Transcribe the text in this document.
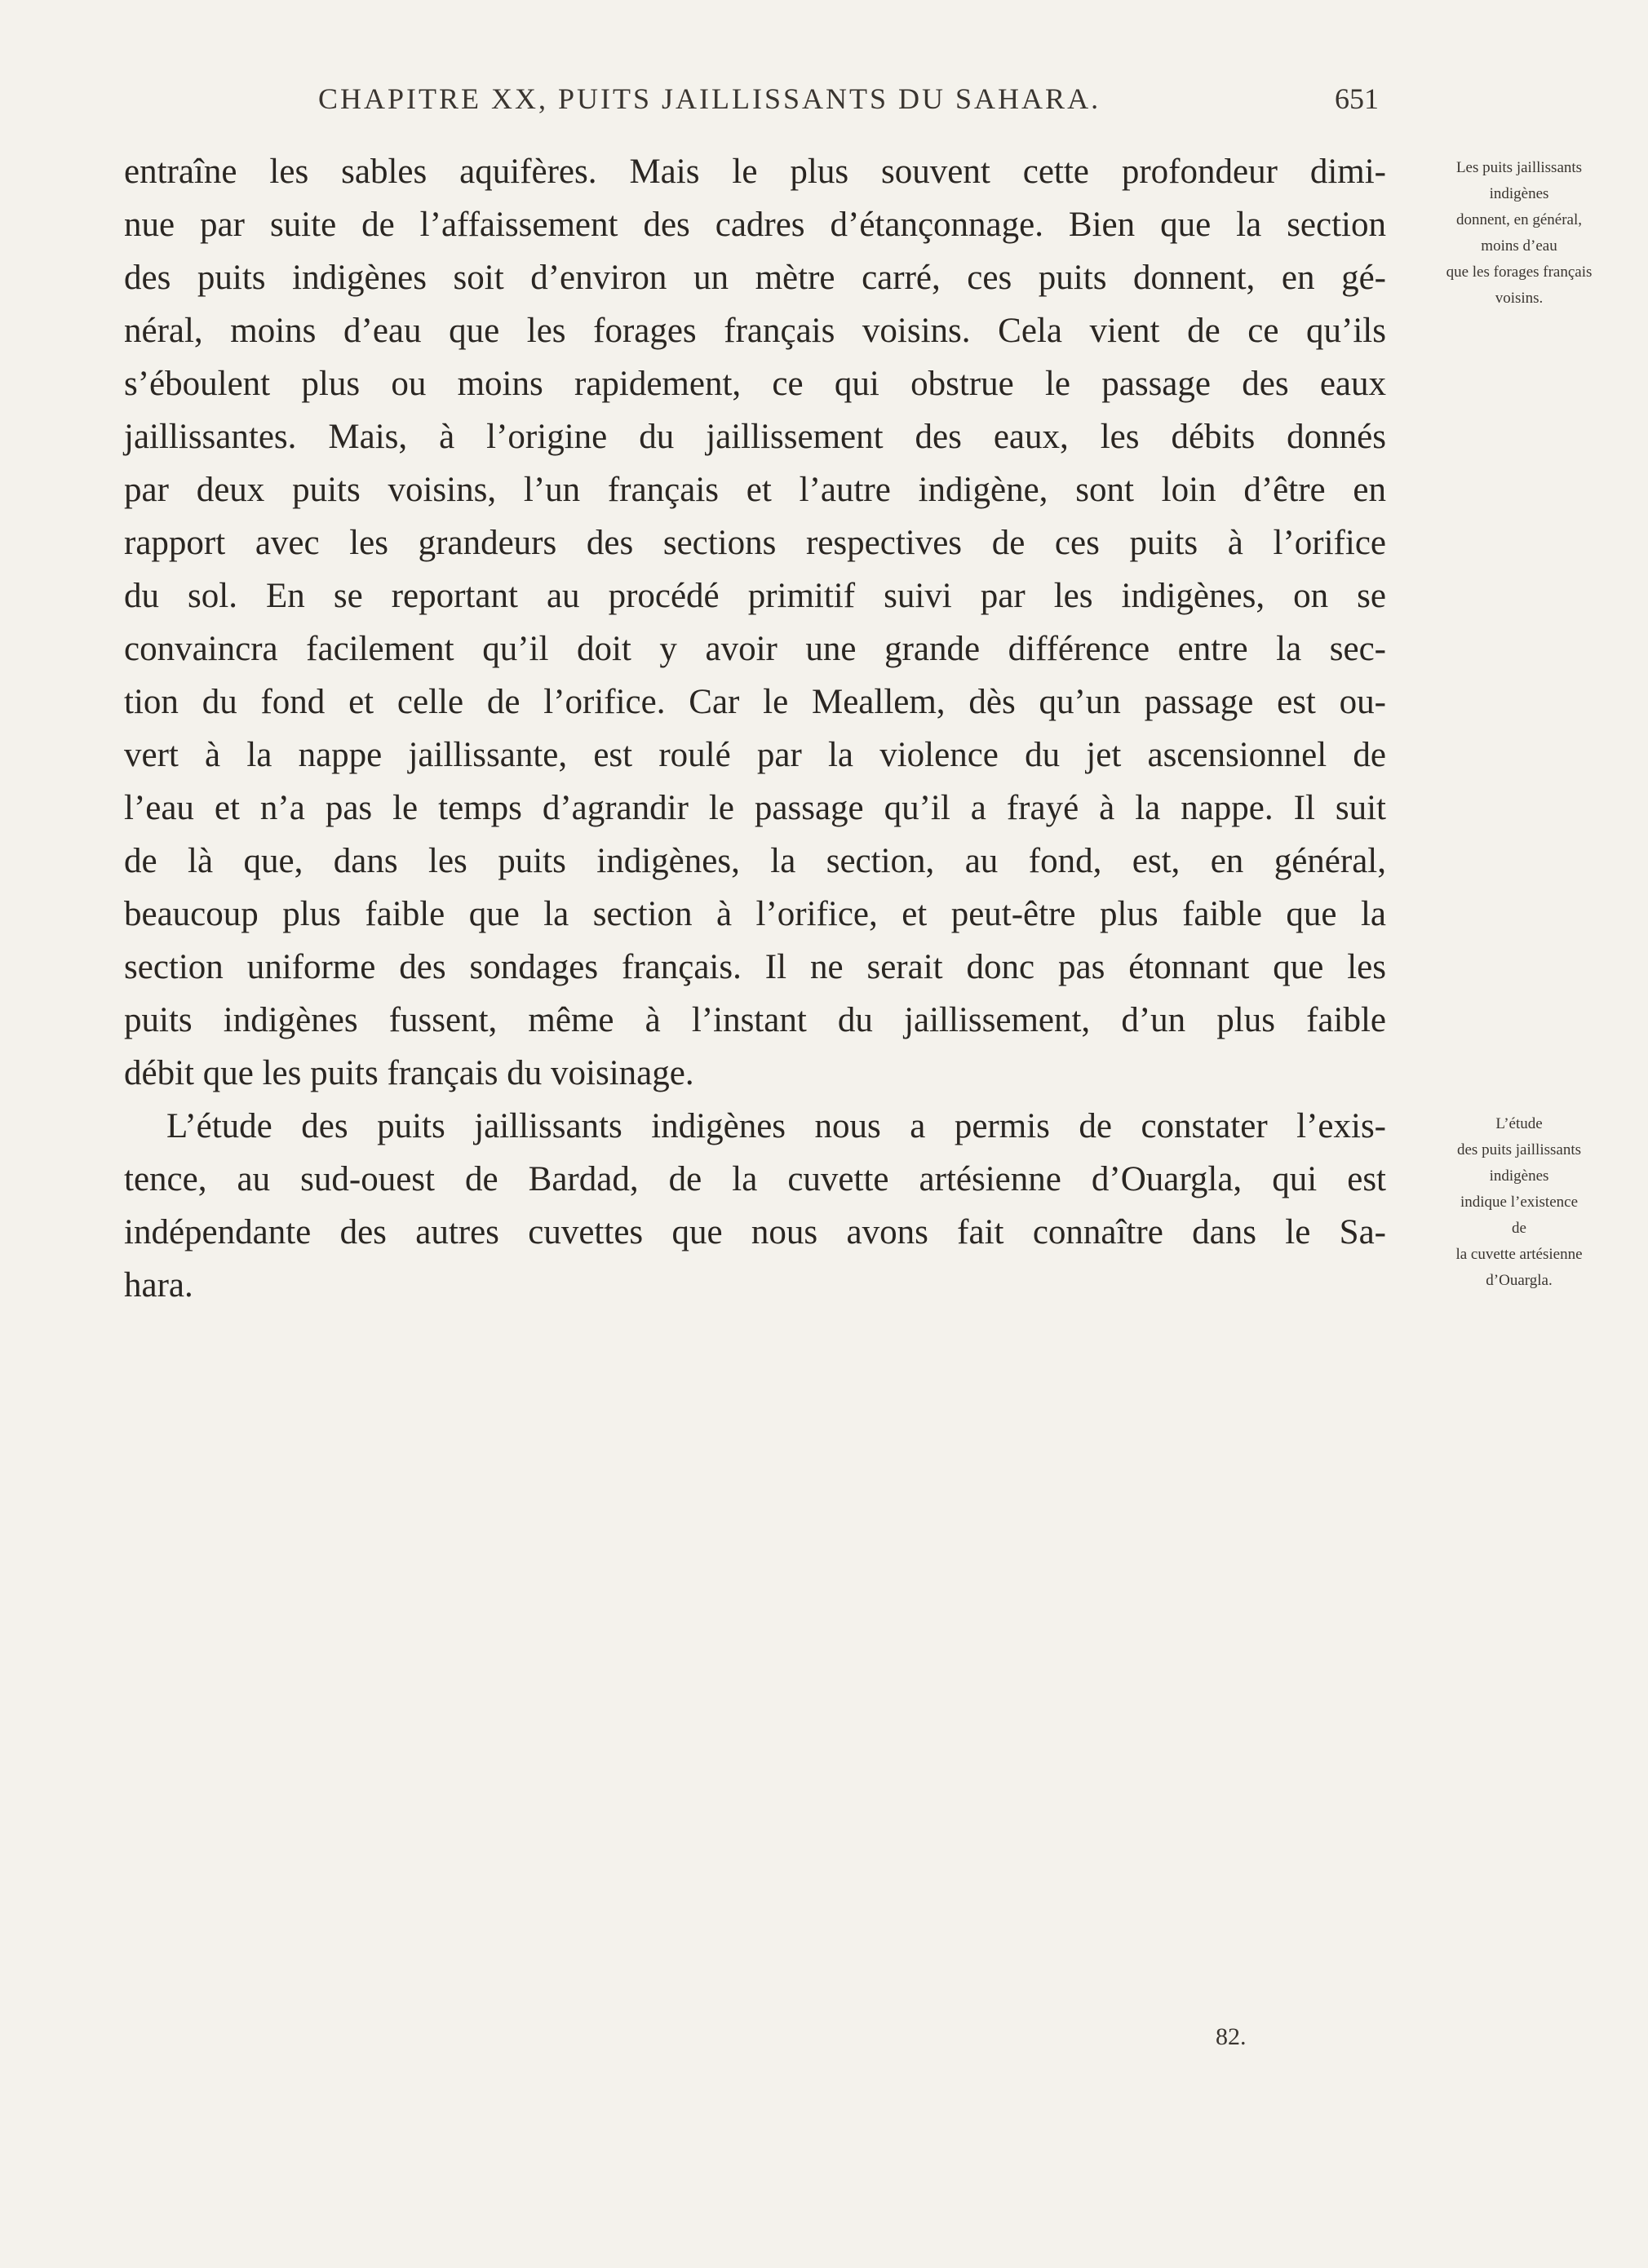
CHAPITRE XX, PUITS JAILLISSANTS DU SAHARA.	651
entraîne les sables aquifères. Mais le plus souvent cette profondeur dimi-
nue par suite de l’affaissement des cadres d’étançonnage. Bien que la section
des puits indigènes soit d’environ un mètre carré, ces puits donnent, en gé-
néral, moins d’eau que les forages français voisins. Cela vient de ce qu’ils
s’éboulent plus ou moins rapidement, ce qui obstrue le passage des eaux
jaillissantes. Mais, à l’origine du jaillissement des eaux, les débits donnés
par deux puits voisins, l’un français et l’autre indigène, sont loin d’être en
rapport avec les grandeurs des sections respectives de ces puits à l’orifice
du sol. En se reportant au procédé primitif suivi par les indigènes, on se
convaincra facilement qu’il doit y avoir une grande différence entre la sec-
tion du fond et celle de l’orifice. Car le Meallem, dès qu’un passage est ou-
vert à la nappe jaillissante, est roulé par la violence du jet ascensionnel de
l’eau et n’a pas le temps d’agrandir le passage qu’il a frayé à la nappe. Il suit
de là que, dans les puits indigènes, la section, au fond, est, en général,
beaucoup plus faible que la section à l’orifice, et peut-être plus faible que la
section uniforme des sondages français. Il ne serait donc pas étonnant que les
puits indigènes fussent, même à l’instant du jaillissement, d’un plus faible
débit que les puits français du voisinage.
L’étude des puits jaillissants indigènes nous a permis de constater l’exis-
tence, au sud-ouest de Bardad, de la cuvette artésienne d’Ouargla, qui est
indépendante des autres cuvettes que nous avons fait connaître dans le Sa-
hara.
Les puits jaillissants
indigènes
donnent, en général,
moins d’eau
que les forages français
voisins.
L’étude
des puits jaillissants
indigènes
indique l’existence
de
la cuvette artésienne
d’Ouargla.
82.
